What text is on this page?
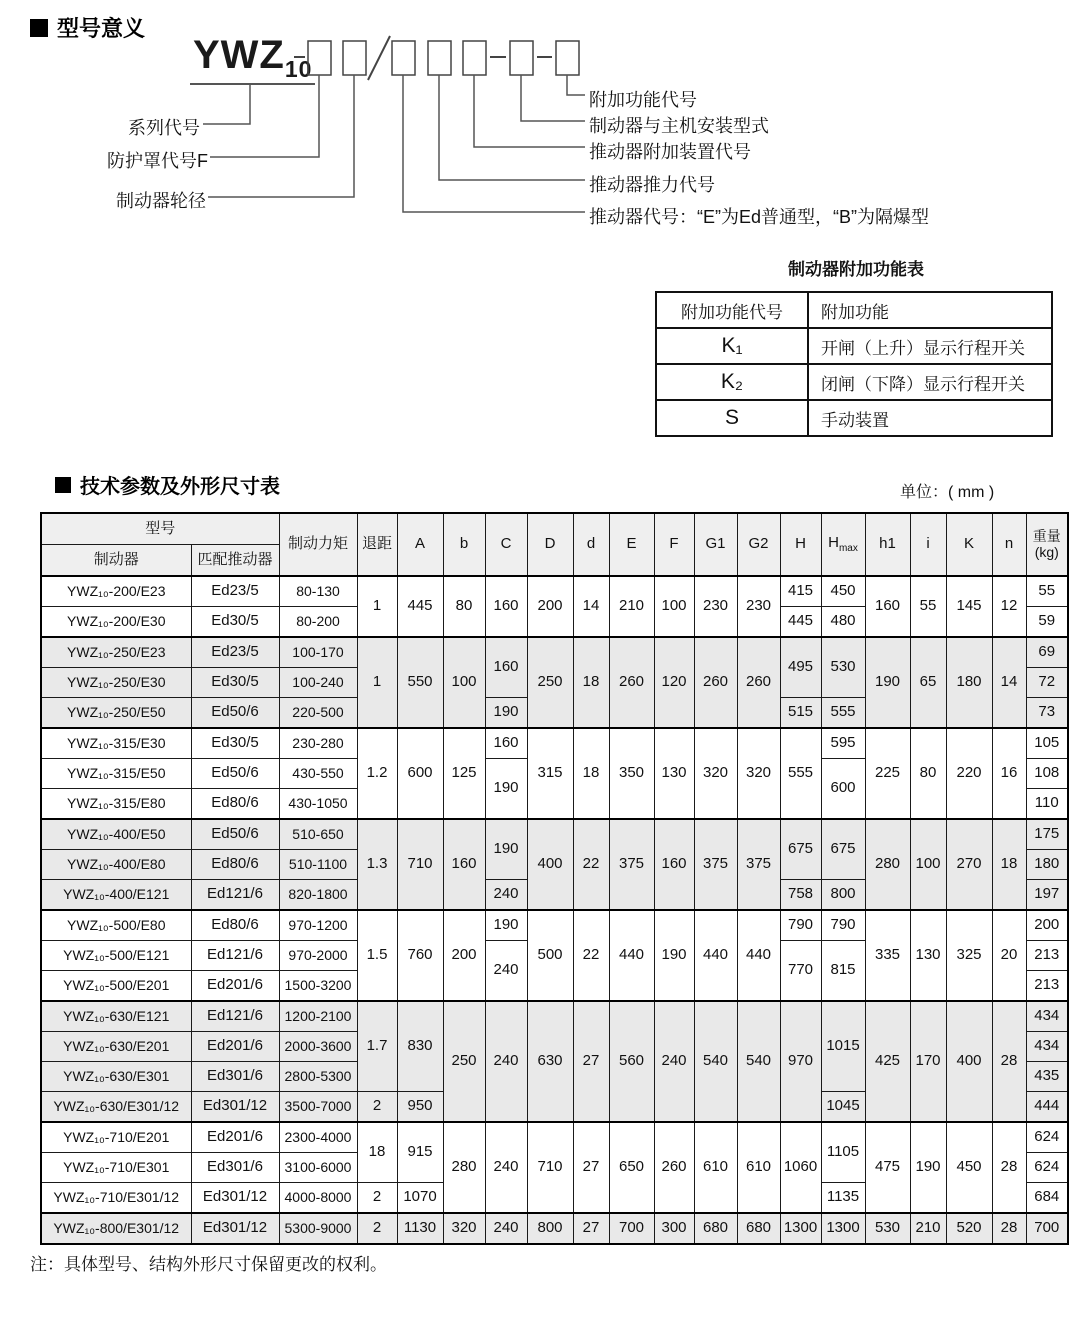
型号意义
$YWZ_{10}$
系列代号
防护罩代号F
制动器轮径
附加功能代号
制动器与主机安装型式
推动器附加装置代号
推动器推力代号
推动器代号：“E”为Ed普通型，“B”为隔爆型
制动器附加功能表
附加功能代号	附加功能
K₁	开闸（上升）显示行程开关
K₂	闭闸（下降）显示行程开关
S	手动装置
技术参数及外形尺寸表	单位：( mm )
型号		制动力矩	退距	A	b	C	D	d	E	F	G1	G2	H	$H_{max}$	h1	i	K	n	重量
(kg)

制动器	匹配推动器																		
YWZ₁₀-200/E23	Ed23/5	80-130	1	445	80	160	200	14	210	100	230	230	415	450	160	55	145	12	55
YWZ₁₀-200/E30	Ed30/5	80-200											445	480					59
YWZ₁₀-250/E23	Ed23/5	100-170	1	550	100	160	250	18	260	120	260	260	495	530	190	65	180	14	69
YWZ₁₀-250/E30	Ed30/5	100-240																	72
YWZ₁₀-250/E50	Ed50/6	220-500				190							515	555					73
YWZ₁₀-315/E30	Ed30/5	230-280	1.2	600	125	160	315	18	350	130	320	320	555	595	225	80	220	16	105
YWZ₁₀-315/E50	Ed50/6	430-550				190								600					108
YWZ₁₀-315/E80	Ed80/6	430-1050																	110
YWZ₁₀-400/E50	Ed50/6	510-650	1.3	710	160	190	400	22	375	160	375	375	675	675	280	100	270	18	175
YWZ₁₀-400/E80	Ed80/6	510-1100																	180
YWZ₁₀-400/E121	Ed121/6	820-1800				240							758	800					197
YWZ₁₀-500/E80	Ed80/6	970-1200	1.5	760	200	190	500	22	440	190	440	440	790	790	335	130	325	20	200
YWZ₁₀-500/E121	Ed121/6	970-2000				240							770	815					213
YWZ₁₀-500/E201	Ed201/6	1500-3200																	213
YWZ₁₀-630/E121	Ed121/6	1200-2100	1.7	830	250	240	630	27	560	240	540	540	970	1015	425	170	400	28	434
YWZ₁₀-630/E201	Ed201/6	2000-3600																	434
YWZ₁₀-630/E301	Ed301/6	2800-5300																	435
YWZ₁₀-630/E301/12	Ed301/12	3500-7000	2	950										1045					444
YWZ₁₀-710/E201	Ed201/6	2300-4000	18	915	280	240	710	27	650	260	610	610	1060	1105	475	190	450	28	624
YWZ₁₀-710/E301	Ed301/6	3100-6000																	624
YWZ₁₀-710/E301/12	Ed301/12	4000-8000	2	1070										1135					684
YWZ₁₀-800/E301/12	Ed301/12	5300-9000	2	1130	320	240	800	27	700	300	680	680	1300	1300	530	210	520	28	700
注：具体型号、结构外形尺寸保留更改的权利。
